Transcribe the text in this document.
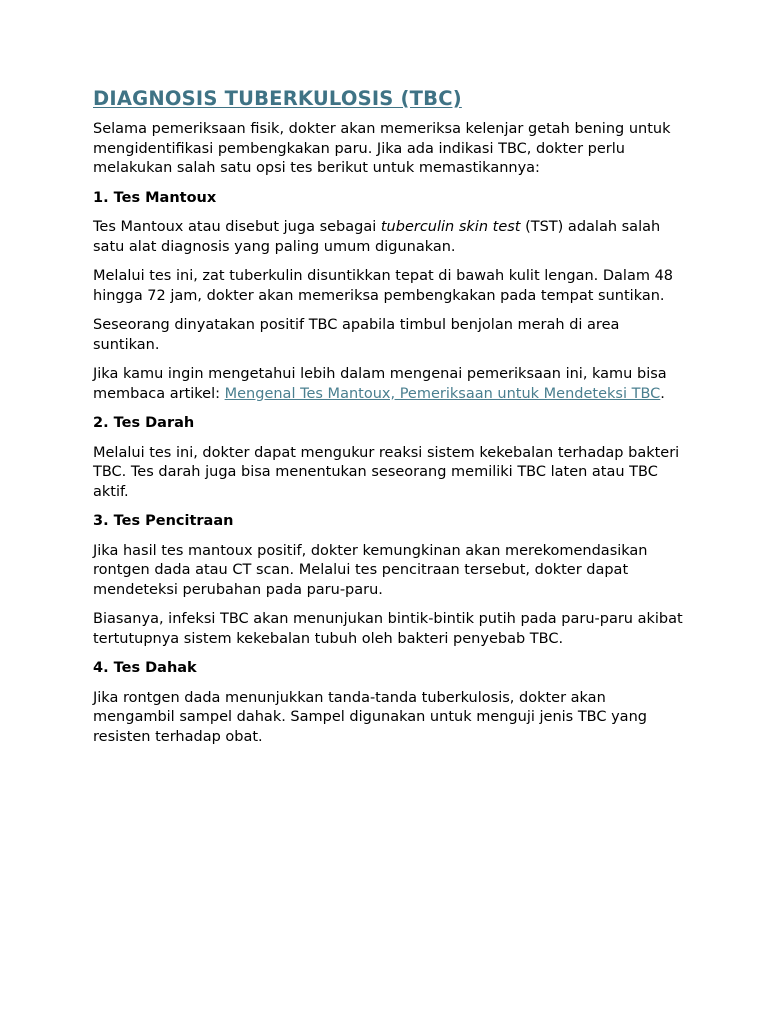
DIAGNOSIS TUBERKULOSIS (TBC)

Selama pemeriksaan fisik, dokter akan memeriksa kelenjar getah bening untuk mengidentifikasi pembengkakan paru. Jika ada indikasi TBC, dokter perlu melakukan salah satu opsi tes berikut untuk memastikannya:

1. Tes Mantoux

Tes Mantoux atau disebut juga sebagai tuberculin skin test (TST) adalah salah satu alat diagnosis yang paling umum digunakan.

Melalui tes ini, zat tuberkulin disuntikkan tepat di bawah kulit lengan. Dalam 48 hingga 72 jam, dokter akan memeriksa pembengkakan pada tempat suntikan.

Seseorang dinyatakan positif TBC apabila timbul benjolan merah di area suntikan.

Jika kamu ingin mengetahui lebih dalam mengenai pemeriksaan ini, kamu bisa membaca artikel: Mengenal Tes Mantoux, Pemeriksaan untuk Mendeteksi TBC.

2. Tes Darah

Melalui tes ini, dokter dapat mengukur reaksi sistem kekebalan terhadap bakteri TBC. Tes darah juga bisa menentukan seseorang memiliki TBC laten atau TBC aktif.

3. Tes Pencitraan

Jika hasil tes mantoux positif, dokter kemungkinan akan merekomendasikan rontgen dada atau CT scan. Melalui tes pencitraan tersebut, dokter dapat mendeteksi perubahan pada paru-paru.

Biasanya, infeksi TBC akan menunjukan bintik-bintik putih pada paru-paru akibat tertutupnya sistem kekebalan tubuh oleh bakteri penyebab TBC.

4. Tes Dahak

Jika rontgen dada menunjukkan tanda-tanda tuberkulosis, dokter akan mengambil sampel dahak. Sampel digunakan untuk menguji jenis TBC yang resisten terhadap obat.
